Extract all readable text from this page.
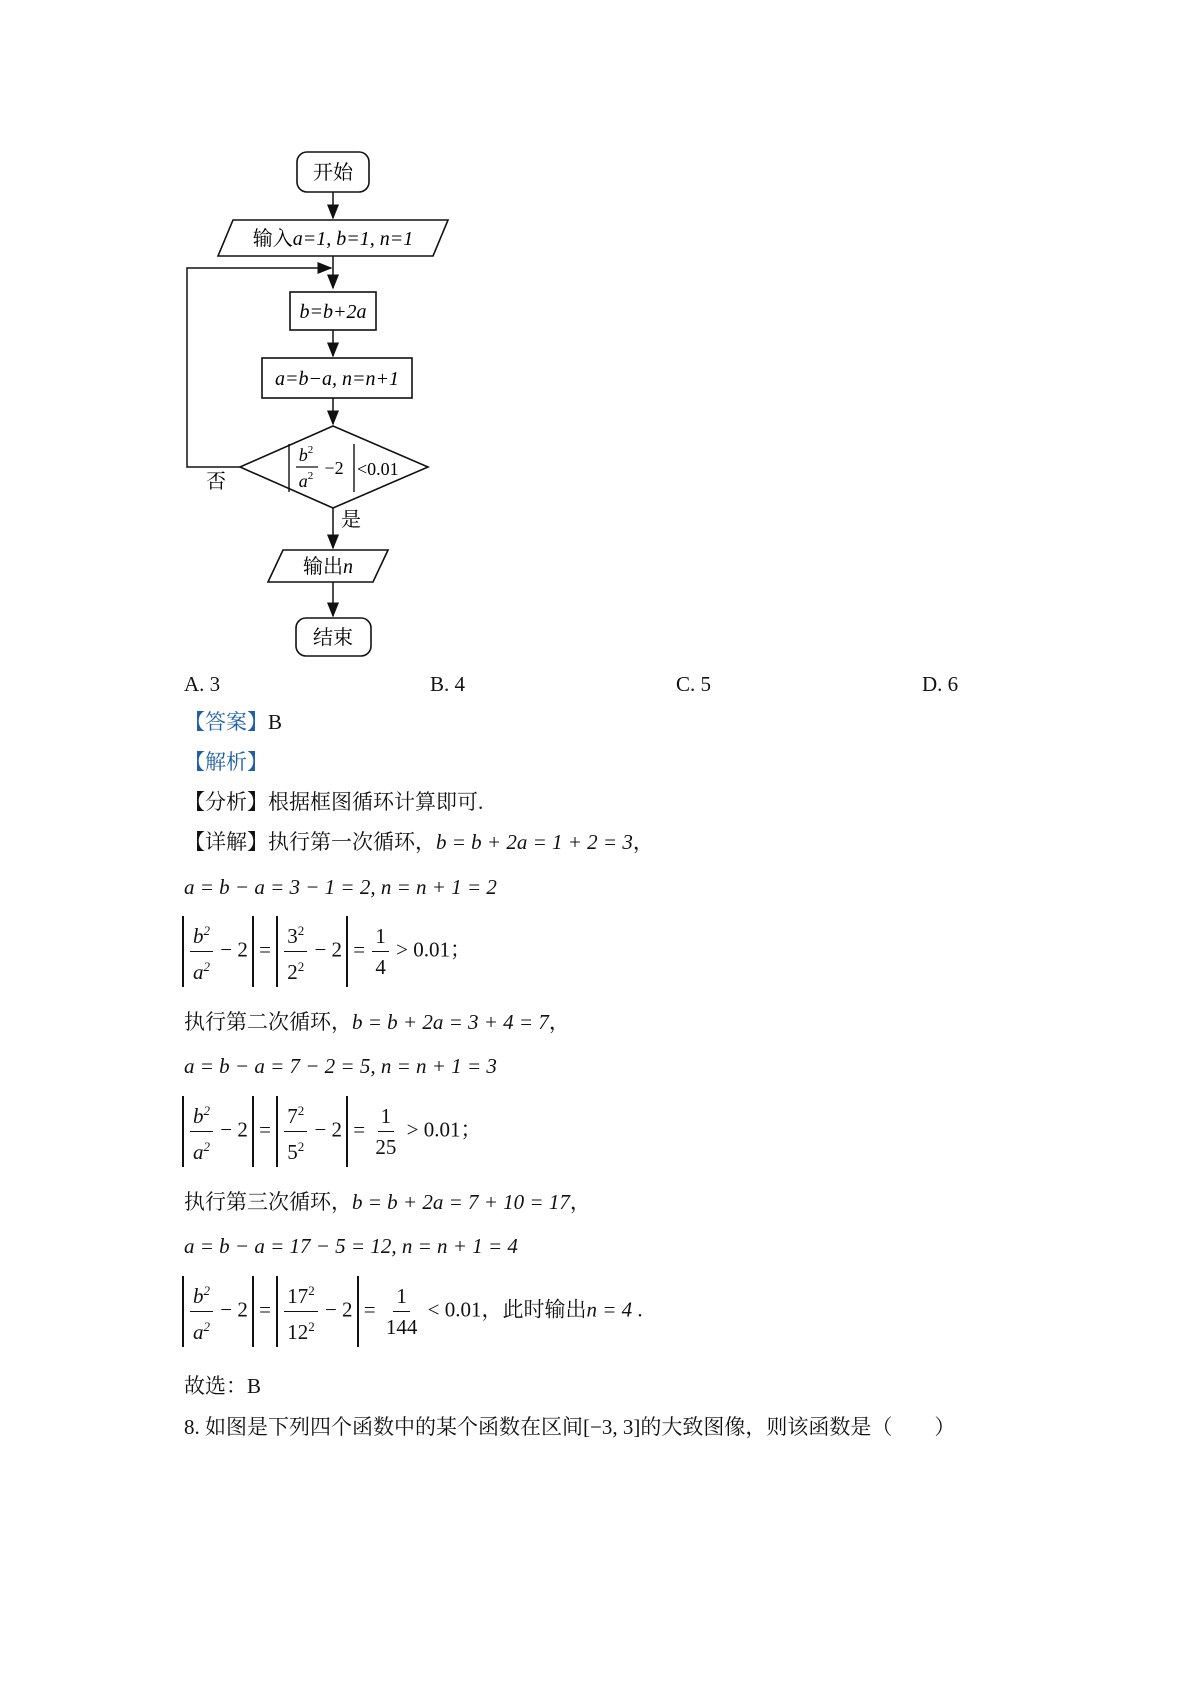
开始
输入a=1, b=1, n=1
b=b+2a
a=b−a, n=n+1
$b^2$
$a^2 -2 <0.01$
否
是
输出n
结束
A. 3	B. 4	C. 5	D. 6
【答案】B
【解析】
【分析】根据框图循环计算即可.
【详解】执行第一次循环，b = b + 2a = 1 + 2 = 3，
a = b − a = 3 − 1 = 2, n = n + 1 = 2
$\frac{b^2}{a^2} - 2 = \frac{3^2}{2^2} - 2 = \frac{1}{4} > 0.01$；
执行第二次循环，b = b + 2a = 3 + 4 = 7，
a = b − a = 7 − 2 = 5, n = n + 1 = 3
$\frac{b^2}{a^2} - 2 = \frac{7^2}{5^2} - 2 = \frac{1}{25} > 0.01$；
执行第三次循环，b = b + 2a = 7 + 10 = 17，
a = b − a = 17 − 5 = 12, n = n + 1 = 4
$\frac{b^2}{a^2} - 2 = \frac{17^2}{12^2} - 2 = \frac{1}{144} < 0.01$，此时输出n = 4 .
故选：B
8. 如图是下列四个函数中的某个函数在区间[−3, 3]的大致图像，则该函数是（　　）
